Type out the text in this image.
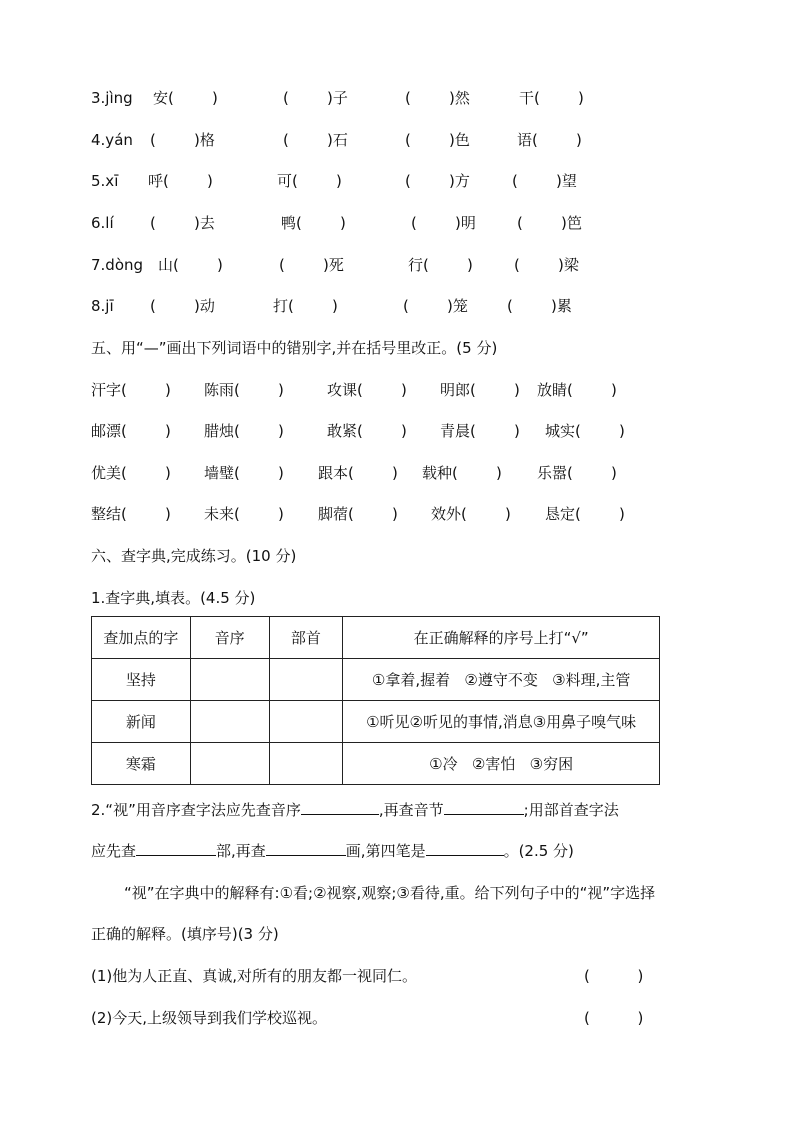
3.jìng 安(        )	(        )子	(        )然	干(        )
4.yán (        )格	(        )石	(        )色	语(        )
5.xī 呼(        )	可(        )	(        )方	(        )望
6.lí (        )去	鸭(        )	(        )明	(        )笆
7.dòng 山(        )	(        )死	行(        )	(        )梁
8.jī (        )动	打(        )	(        )笼	(        )累
五、用“—”画出下列词语中的错别字,并在括号里改正。(5 分)
汗字(        ) 陈雨(        )	攻课(        ) 明郎(        ) 放睛(        )
邮漂(        ) 腊烛(        )	敢紧(        ) 青晨(        ) 城实(        )
优美(        ) 墙璧(        ) 跟本(        ) 载种(        ) 乐嚣(        )
整结(        ) 未来(        ) 脚蓿(        ) 效外(        ) 恳定(        )
六、查字典,完成练习。(10 分)
1.查字典,填表。(4.5 分)
查加点的字	音序	部首	在正确解释的序号上打“√”
坚持			①拿着,握着   ②遵守不变   ③料理,主管
新闻			①听见②听见的事情,消息③用鼻子嗅气味
寒霜			①冷   ②害怕   ③穷困
2.“视”用音序查字法应先查音序	,再查音节	;用部首查字法
应先查	部,再查	画,第四笔是	。(2.5 分)
“视”在字典中的解释有:①看;②视察,观察;③看待,重。给下列句子中的“视”字选择
正确的解释。(填序号)(3 分)
(1)他为人正直、真诚,对所有的朋友都一视同仁。	(          )
(2)今天,上级领导到我们学校巡视。	(          )
